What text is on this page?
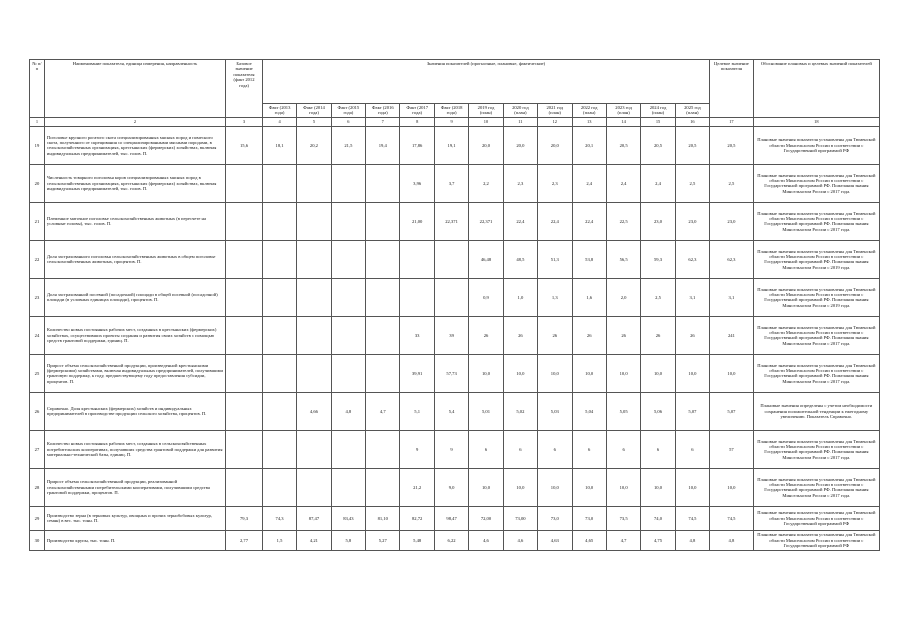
№ п/п	Наименование показателя, единица измерения, направленность	Базовое значение показателя (факт 2012 года)	Значения показателей (прогнозные, плановые, фактические)													Целевое значение показателя	Обоснование плановых и целевых значений показателей
			Факт (2013 года)	Факт (2014 года)	Факт (2015 года)	Факт (2016 года)	Факт (2017 года)	Факт (2018 года)	2019 год (план)	2020 год (план)	2021 год (план)	2022 год (план)	2023 год (план)	2024 год (план)	2025 год (план)		
1	2	3	4	5	6	7	8	9	10	11	12	13	14	15	16	17	18
19	Поголовье крупного рогатого скота специализированных мясных пород и помесного скота, полученного от скрещивания со специализированными мясными породами, в сельскохозяйственных организациях, крестьянских (фермерских) хозяйствах, включая индивидуальных предпринимателей, тыс. голов. П.	15,6	18,1	20,2	21,5	19,4	17,86	19,1	20,0	20,0	20,0	20,1	20,5	20,5	20,5	20,5	Плановые значения показателя установлены для Тюменской области Минсельхозом России в соответствии с Государственной программой РФ
20	Численность товарного поголовья коров специализированных мясных пород в сельскохозяйственных организациях, крестьянских (фермерских) хозяйствах, включая индивидуальных предпринимателей, тыс. голов. П.						3,96	3,7	2,2	2,3	2,3	2,4	2,4	2,4	2,5	2,5	Плановые значения показателя установлены для Тюменской области Минсельхозом России в соответствии с Государственной программой РФ. Пожелания знания Минсельхозом России с 2017 года.
21	Племенное маточное поголовье сельскохозяйственных животных (в пересчете на условные головы), тыс. голов. П.						21,00	22,371	22,371	22,4	22,4	22,4	22,5	23,0	23,0	23,0	Плановые значения показателя установлены для Тюменской области Минсельхозом России в соответствии с Государственной программой РФ. Пожелания знания Минсельхозом России с 2017 года.
22	Доля застрахованного поголовья сельскохозяйственных животных в общем поголовье сельскохозяйственных животных, процентов. П.								46,48	48,5	51,3	53,8	56,5	59,3	62,3	62,3	Плановые значения показателя установлены для Тюменской области Минсельхозом России в соответствии с Государственной программой РФ. Пожелания знания Минсельхозом России с 2019 года.
23	Доля застрахованной посевной (посадочной) площади в общей посевной (посадочной) площади (в условных единицах площади), процентов. П.								0,9	1,0	1,3	1,6	2,0	2,5	3,1	3,1	Плановые значения показателя установлены для Тюменской области Минсельхозом России в соответствии с Государственной программой РФ. Пожелания знания Минсельхозом России с 2019 года.
24	Количество новых постоянных рабочих мест, созданных в крестьянских (фермерских) хозяйствах, осуществивших проекты создания и развития своих хозяйств с помощью средств грантовой поддержки, единиц. П.						33	39	26	26	26	26	26	26	26	241	Плановые значения показателя установлены для Тюменской области Минсельхозом России в соответствии с Государственной программой РФ. Пожелания знания Минсельхозом России с 2017 года.
25	Прирост объема сельскохозяйственной продукции, произведенной крестьянскими (фермерскими) хозяйствами, включая индивидуальных предпринимателей, получившими грантовую поддержку, к году, предшествующему году предоставления субсидии, процентов. П.						39,91	57,73	10,0	10,0	10,0	10,0	10,0	10,0	10,0	10,0	Плановые значения показателя установлены для Тюменской области Минсельхозом России в соответствии с Государственной программой РФ. Пожелания знания Минсельхозом России с 2017 года.
26	Справочно. Доля крестьянских (фермерских) хозяйств и индивидуальных предпринимателей в производстве продукции сельского хозяйства, процентов. П.			4,66	4,8	4,7	5,1	5,4	5,01	5,02	5,03	5,04	5,05	5,06	5,07	5,07	Плановые значения определены с учетом необходимости сохранения положительной тенденции к ежегодному увеличению. Показатель Справочно.
27	Количество новых постоянных рабочих мест, созданных в сельскохозяйственных потребительских кооперативах, получивших средства грантовой поддержки для развития материально-технической базы, единиц. П.						9	9	6	6	6	6	6	6	6	57	Плановые значения показателя установлены для Тюменской области Минсельхозом России в соответствии с Государственной программой РФ. Пожелания знания Минсельхозом России с 2017 года.
28	Прирост объема сельскохозяйственной продукции, реализованной сельскохозяйственными потребительскими кооперативами, получившими средства грантовой поддержки, процентов. П.						21,2	9,0	10,0	10,0	10,0	10,0	10,0	10,0	10,0	10,0	Плановые значения показателя установлены для Тюменской области Минсельхозом России в соответствии с Государственной программой РФ. Пожелания знания Минсельхозом России с 2017 года.
29	Производство зерна (в зерновых культур, овощных и прочих зернобобовых культур, семян) в вес. тыс. тонн. П.	79,3	74,3	87,47	83,43	81,10	82,72	98,47	72,00	73,00	73,0	73,0	73,5	74,0	74,5	74,5	Плановые значения показателя установлены для Тюменской области Минсельхозом России в соответствии с Государственной программой РФ
30	Производство крупы, тыс. тонн. П.	2,77	1,5	4,21	5,8	5,27	5,48	6,22	4,6	4,6	4,63	4,65	4,7	4,75	4,8	4,8	Плановые значения показателя установлены для Тюменской области Минсельхозом России в соответствии с Государственной программой РФ
